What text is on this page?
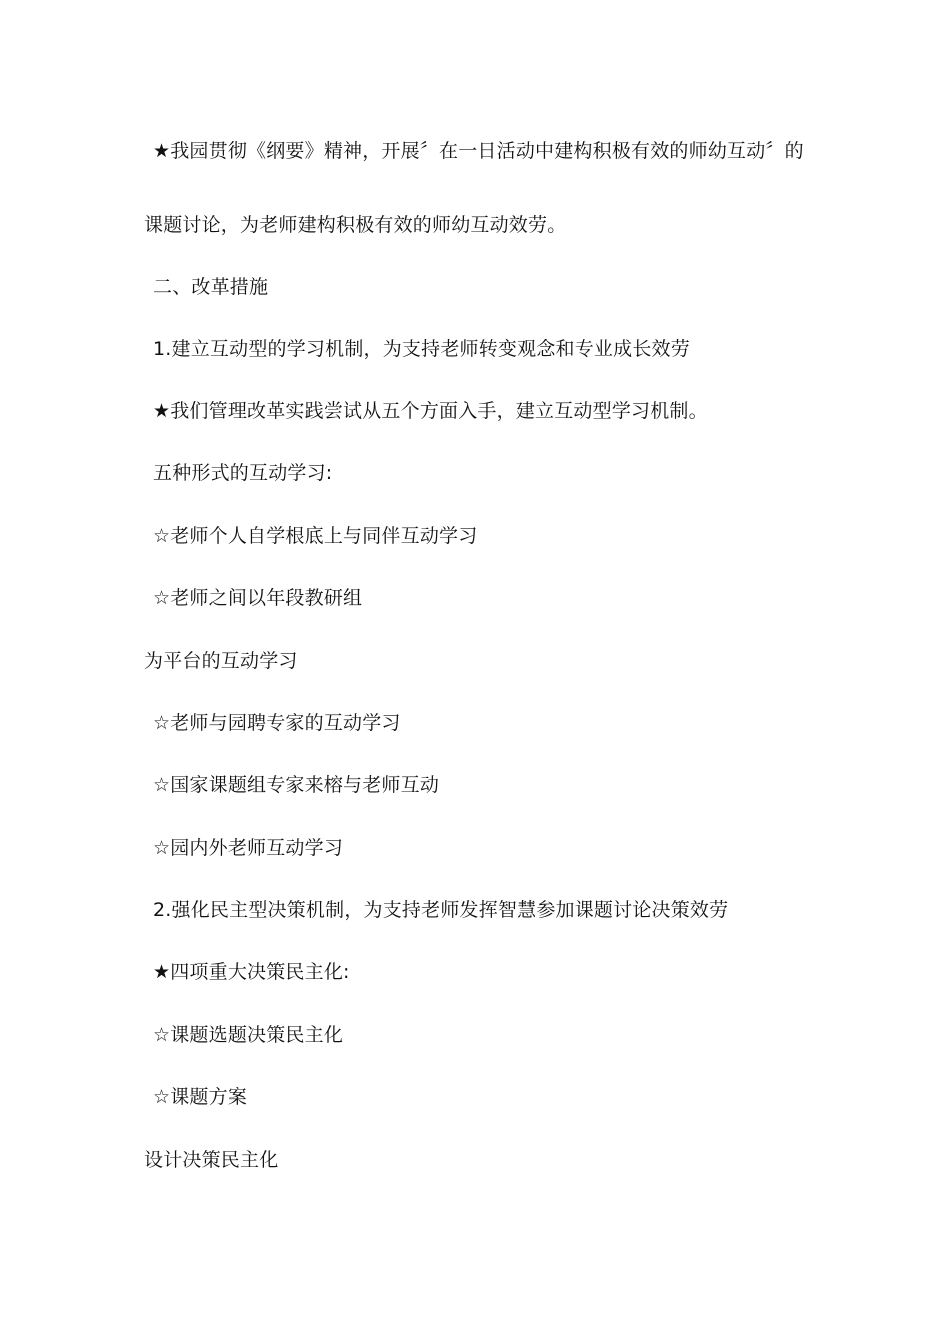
★我园贯彻《纲要》精神，开展〞在一日活动中建构积极有效的师幼互动〞的
课题讨论，为老师建构积极有效的师幼互动效劳。
二、改革措施
1.建立互动型的学习机制，为支持老师转变观念和专业成长效劳
★我们管理改革实践尝试从五个方面入手，建立互动型学习机制。
五种形式的互动学习:
☆老师个人自学根底上与同伴互动学习
☆老师之间以年段教研组
为平台的互动学习
☆老师与园聘专家的互动学习
☆国家课题组专家来榕与老师互动
☆园内外老师互动学习
2.强化民主型决策机制，为支持老师发挥智慧参加课题讨论决策效劳
★四项重大决策民主化:
☆课题选题决策民主化
☆课题方案
设计决策民主化
